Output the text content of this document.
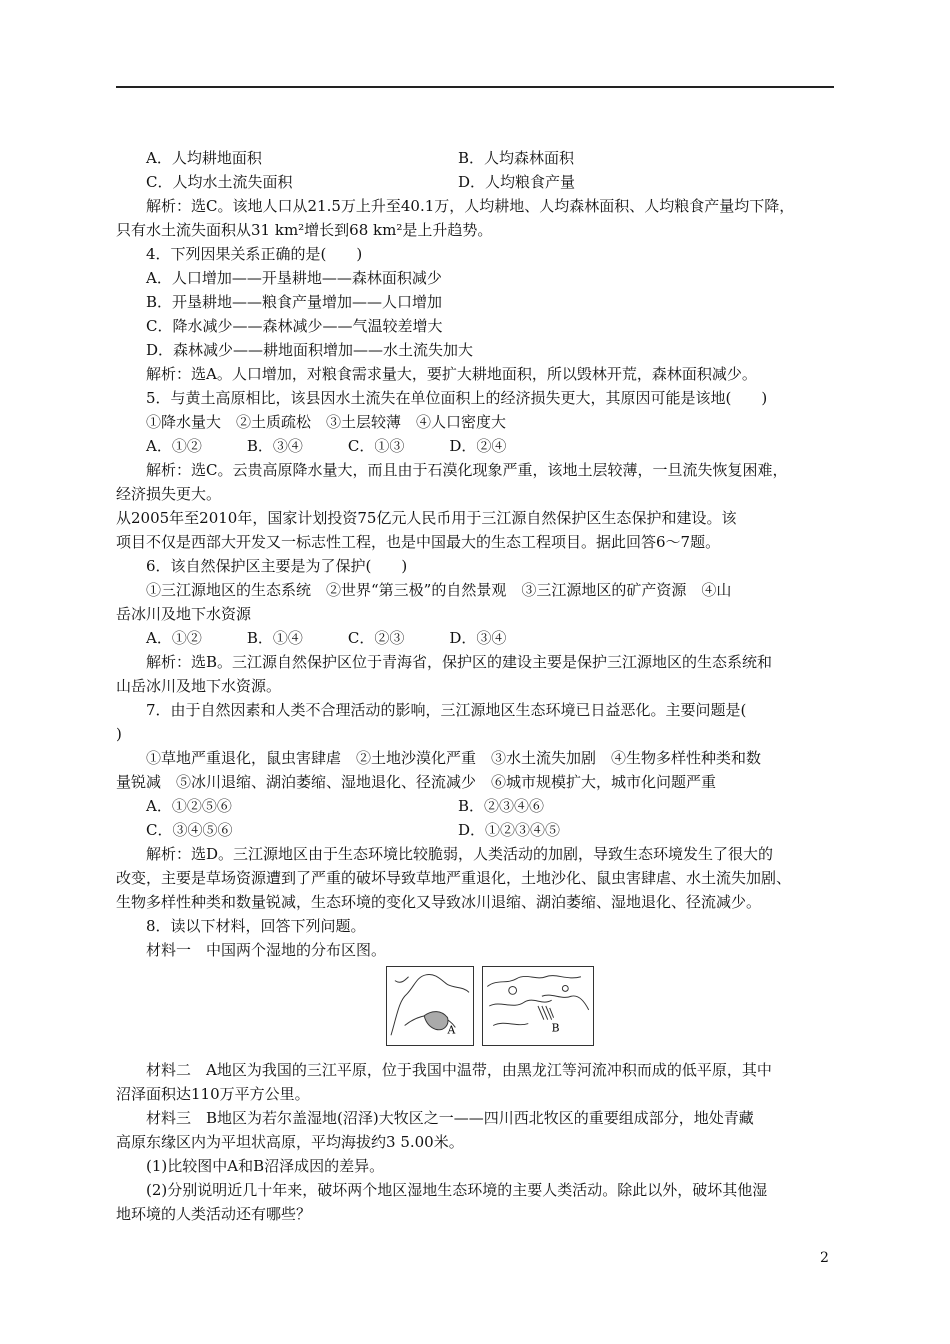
A．人均耕地面积	B．人均森林面积
C．人均水土流失面积	D．人均粮食产量
解析：选C。该地人口从21.5万上升至40.1万，人均耕地、人均森林面积、人均粮食产量均下降，
只有水土流失面积从31 km²增长到68 km²是上升趋势。
4．下列因果关系正确的是(　　)
A．人口增加——开垦耕地——森林面积减少
B．开垦耕地——粮食产量增加——人口增加
C．降水减少——森林减少——气温较差增大
D．森林减少——耕地面积增加——水土流失加大
解析：选A。人口增加，对粮食需求量大，要扩大耕地面积，所以毁林开荒，森林面积减少。
5．与黄土高原相比，该县因水土流失在单位面积上的经济损失更大，其原因可能是该地(　　)
①降水量大　②土质疏松　③土层较薄　④人口密度大
A．①②　　　B．③④　　　C．①③　　　D．②④
解析：选C。云贵高原降水量大，而且由于石漠化现象严重，该地土层较薄，一旦流失恢复困难，
经济损失更大。
从2005年至2010年，国家计划投资75亿元人民币用于三江源自然保护区生态保护和建设。该
项目不仅是西部大开发又一标志性工程，也是中国最大的生态工程项目。据此回答6～7题。
6．该自然保护区主要是为了保护(　　)
①三江源地区的生态系统　②世界“第三极”的自然景观　③三江源地区的矿产资源　④山
岳冰川及地下水资源
A．①②　　　B．①④　　　C．②③　　　D．③④
解析：选B。三江源自然保护区位于青海省，保护区的建设主要是保护三江源地区的生态系统和
山岳冰川及地下水资源。
7．由于自然因素和人类不合理活动的影响，三江源地区生态环境已日益恶化。主要问题是(
)
①草地严重退化，鼠虫害肆虐　②土地沙漠化严重　③水土流失加剧　④生物多样性种类和数
量锐减　⑤冰川退缩、湖泊萎缩、湿地退化、径流减少　⑥城市规模扩大，城市化问题严重
A．①②⑤⑥	B．②③④⑥
C．③④⑤⑥	D．①②③④⑤
解析：选D。三江源地区由于生态环境比较脆弱，人类活动的加剧，导致生态环境发生了很大的
改变，主要是草场资源遭到了严重的破坏导致草地严重退化，土地沙化、鼠虫害肆虐、水土流失加剧、
生物多样性种类和数量锐减，生态环境的变化又导致冰川退缩、湖泊萎缩、湿地退化、径流减少。
8．读以下材料，回答下列问题。
材料一　中国两个湿地的分布区图。
A	B
材料二　A地区为我国的三江平原，位于我国中温带，由黑龙江等河流冲积而成的低平原，其中
沼泽面积达110万平方公里。
材料三　B地区为若尔盖湿地(沼泽)大牧区之一——四川西北牧区的重要组成部分，地处青藏
高原东缘区内为平坦状高原，平均海拔约3 5.00米。
(1)比较图中A和B沼泽成因的差异。
(2)分别说明近几十年来，破坏两个地区湿地生态环境的主要人类活动。除此以外，破坏其他湿
地环境的人类活动还有哪些？
2
